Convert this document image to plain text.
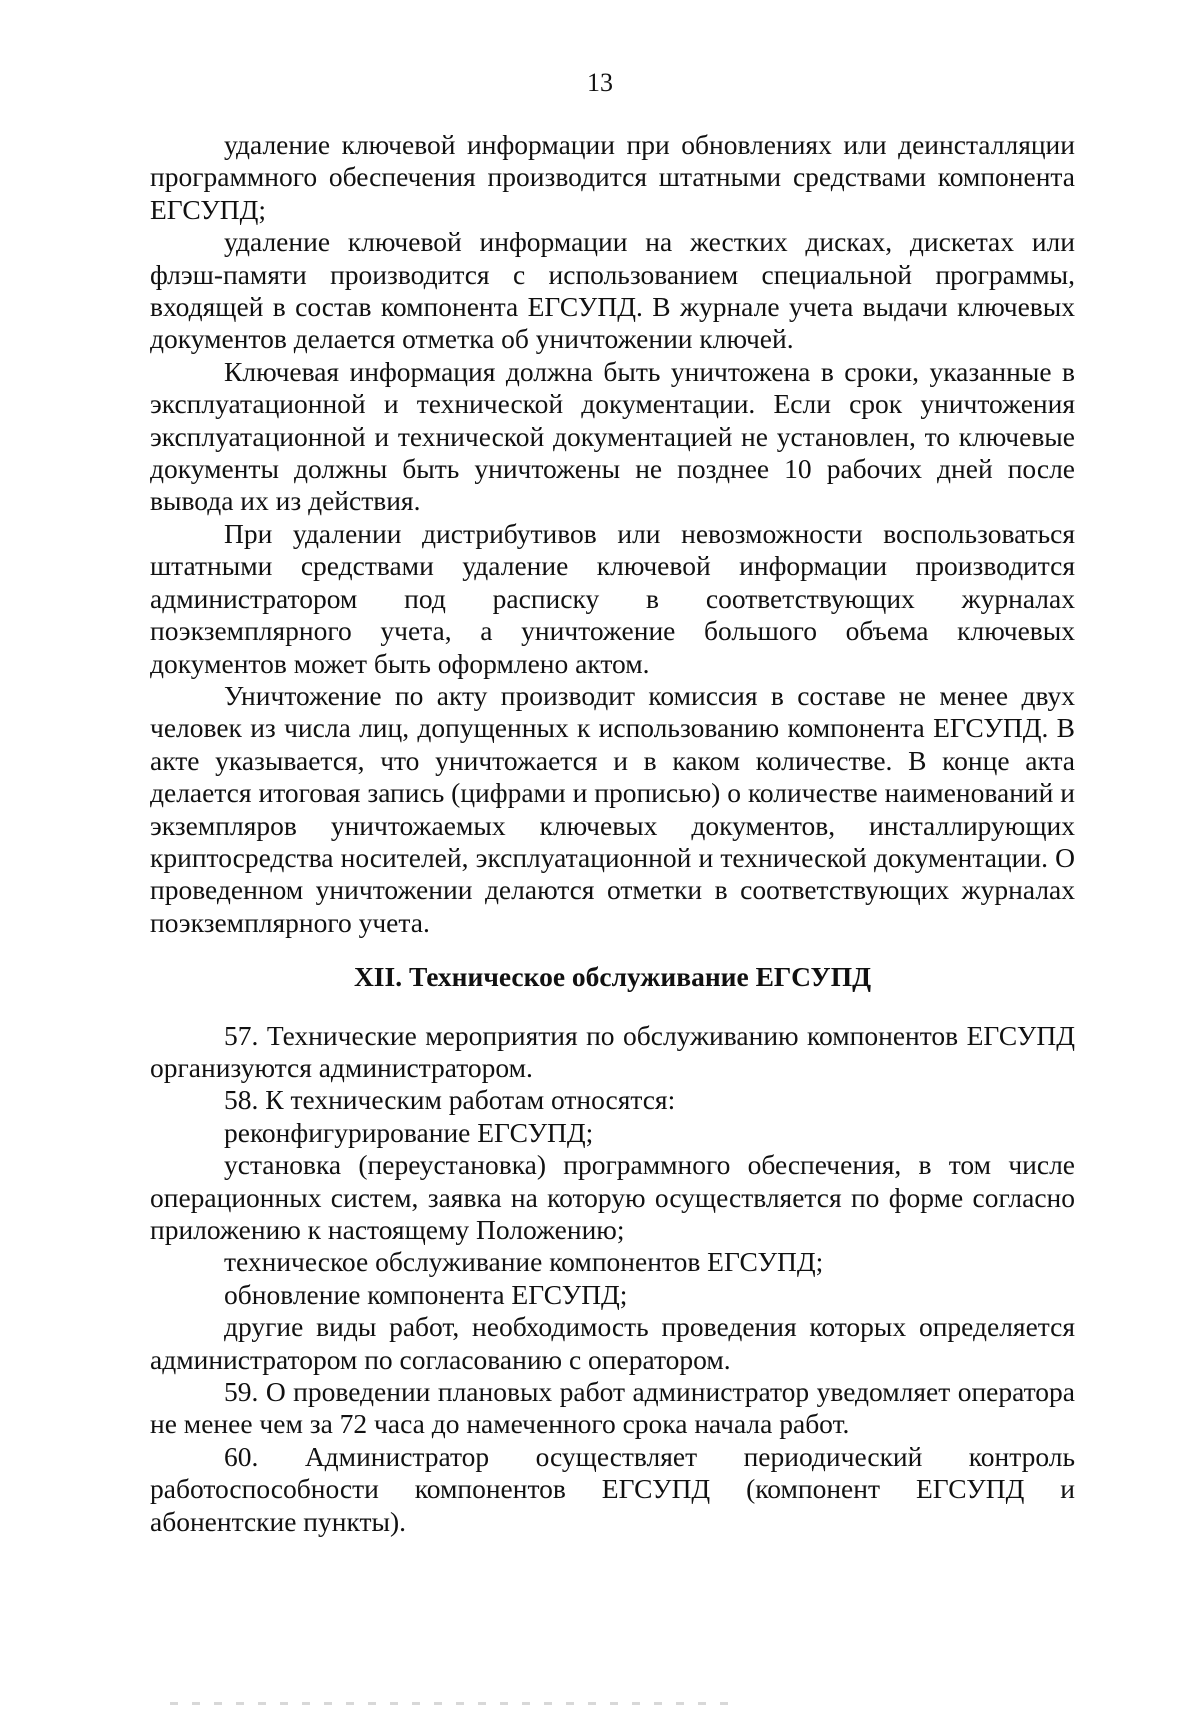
13

удаление ключевой информации при обновлениях или деинсталляции программного обеспечения производится штатными средствами компонента ЕГСУПД;

удаление ключевой информации на жестких дисках, дискетах или флэш-памяти производится с использованием специальной программы, входящей в состав компонента ЕГСУПД. В журнале учета выдачи ключевых документов делается отметка об уничтожении ключей.

Ключевая информация должна быть уничтожена в сроки, указанные в эксплуатационной и технической документации. Если срок уничтожения эксплуатационной и технической документацией не установлен, то ключевые документы должны быть уничтожены не позднее 10 рабочих дней после вывода их из действия.

При удалении дистрибутивов или невозможности воспользоваться штатными средствами удаление ключевой информации производится администратором под расписку в соответствующих журналах поэкземплярного учета, а уничтожение большого объема ключевых документов может быть оформлено актом.

Уничтожение по акту производит комиссия в составе не менее двух человек из числа лиц, допущенных к использованию компонента ЕГСУПД. В акте указывается, что уничтожается и в каком количестве. В конце акта делается итоговая запись (цифрами и прописью) о количестве наименований и экземпляров уничтожаемых ключевых документов, инсталлирующих криптосредства носителей, эксплуатационной и технической документации. О проведенном уничтожении делаются отметки в соответствующих журналах поэкземплярного учета.

XII. Техническое обслуживание ЕГСУПД

57. Технические мероприятия по обслуживанию компонентов ЕГСУПД организуются администратором.

58. К техническим работам относятся:

реконфигурирование ЕГСУПД;

установка (переустановка) программного обеспечения, в том числе операционных систем, заявка на которую осуществляется по форме согласно приложению к настоящему Положению;

техническое обслуживание компонентов ЕГСУПД;

обновление компонента ЕГСУПД;

другие виды работ, необходимость проведения которых определяется администратором по согласованию с оператором.

59. О проведении плановых работ администратор уведомляет оператора не менее чем за 72 часа до намеченного срока начала работ.

60. Администратор осуществляет периодический контроль работоспособности компонентов ЕГСУПД (компонент ЕГСУПД и абонентские пункты).
